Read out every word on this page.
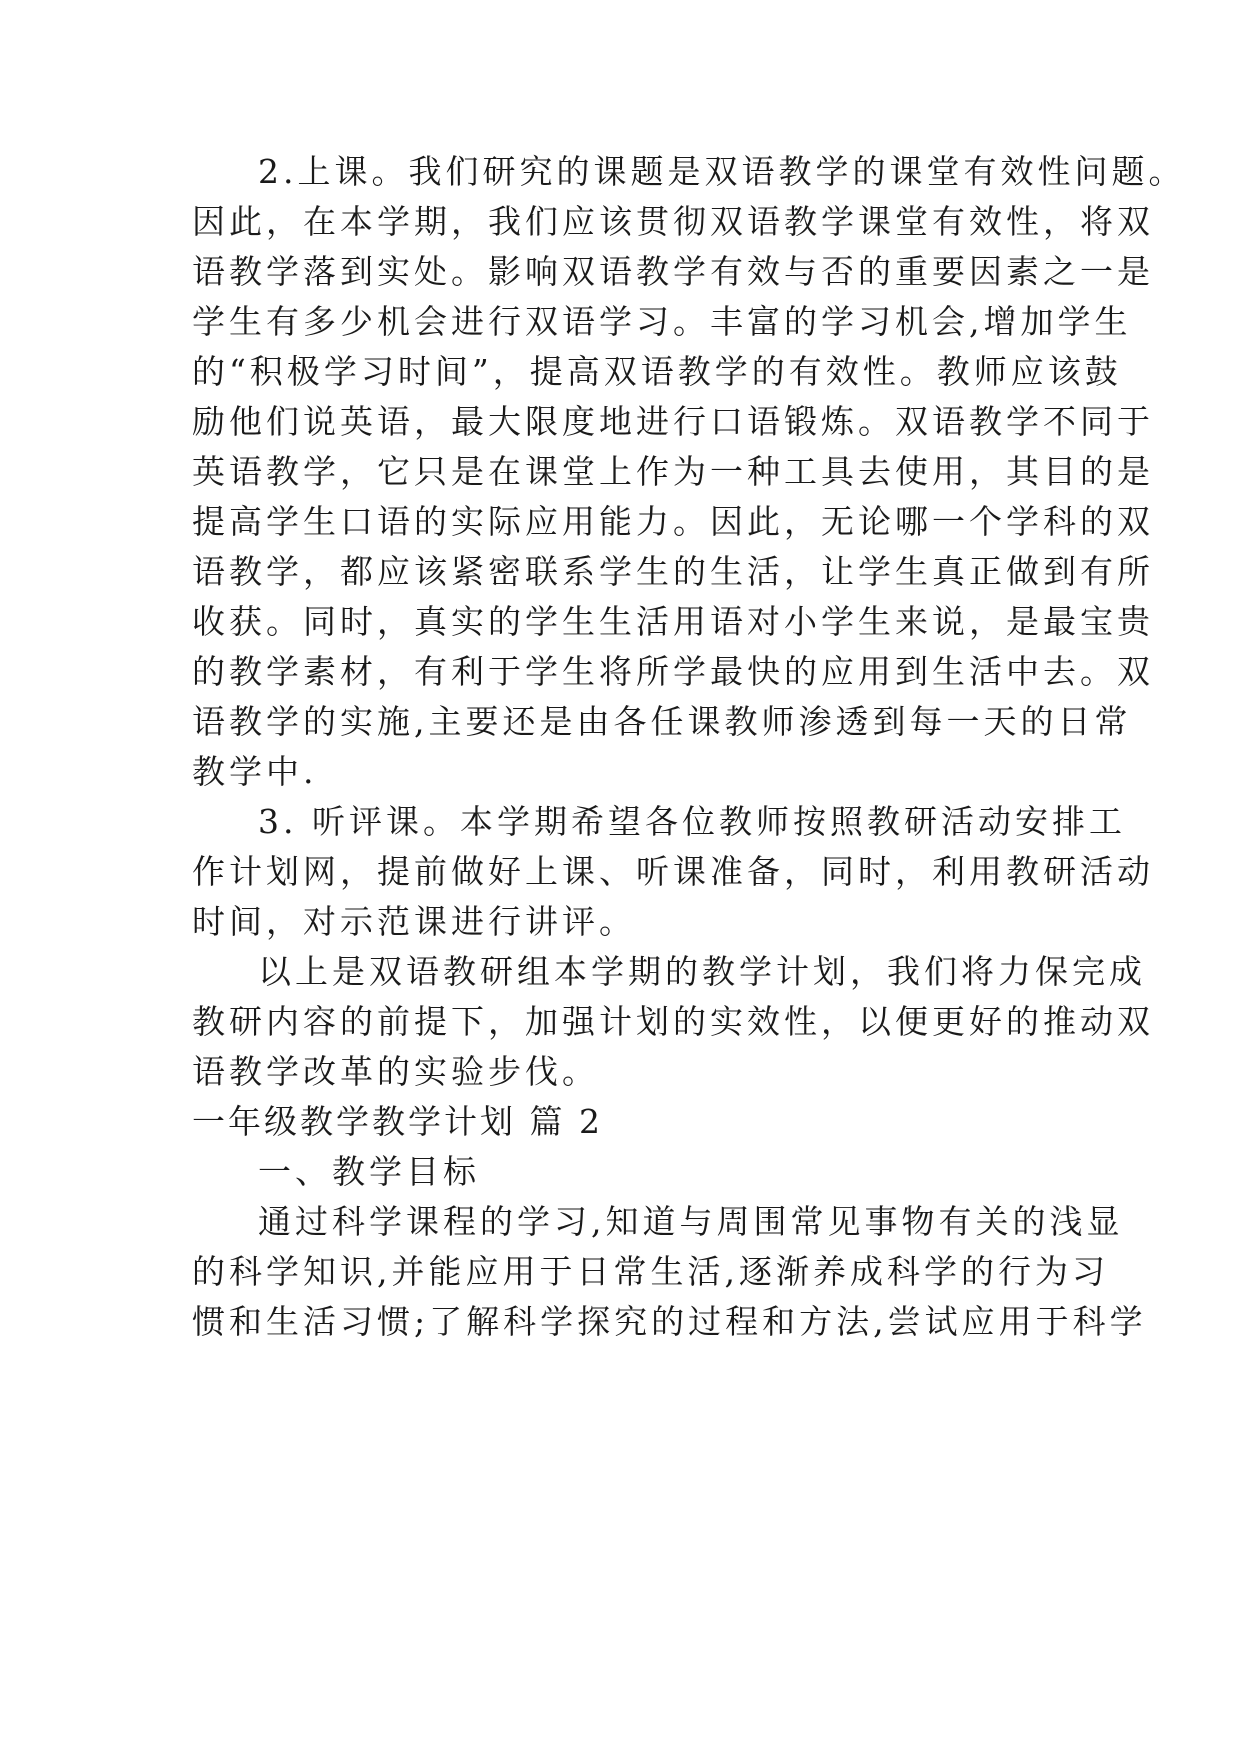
2.上课。我们研究的课题是双语教学的课堂有效性问题。
因此，在本学期，我们应该贯彻双语教学课堂有效性，将双
语教学落到实处。影响双语教学有效与否的重要因素之一是
学生有多少机会进行双语学习。丰富的学习机会,增加学生
的“积极学习时间”，提高双语教学的有效性。教师应该鼓
励他们说英语，最大限度地进行口语锻炼。双语教学不同于
英语教学，它只是在课堂上作为一种工具去使用，其目的是
提高学生口语的实际应用能力。因此，无论哪一个学科的双
语教学，都应该紧密联系学生的生活，让学生真正做到有所
收获。同时，真实的学生生活用语对小学生来说，是最宝贵
的教学素材，有利于学生将所学最快的应用到生活中去。双
语教学的实施,主要还是由各任课教师渗透到每一天的日常
教学中.
3. 听评课。本学期希望各位教师按照教研活动安排工
作计划网，提前做好上课、听课准备，同时，利用教研活动
时间，对示范课进行讲评。
以上是双语教研组本学期的教学计划，我们将力保完成
教研内容的前提下，加强计划的实效性，以便更好的推动双
语教学改革的实验步伐。
一年级教学教学计划 篇 2
一、教学目标
通过科学课程的学习,知道与周围常见事物有关的浅显
的科学知识,并能应用于日常生活,逐渐养成科学的行为习
惯和生活习惯;了解科学探究的过程和方法,尝试应用于科学
